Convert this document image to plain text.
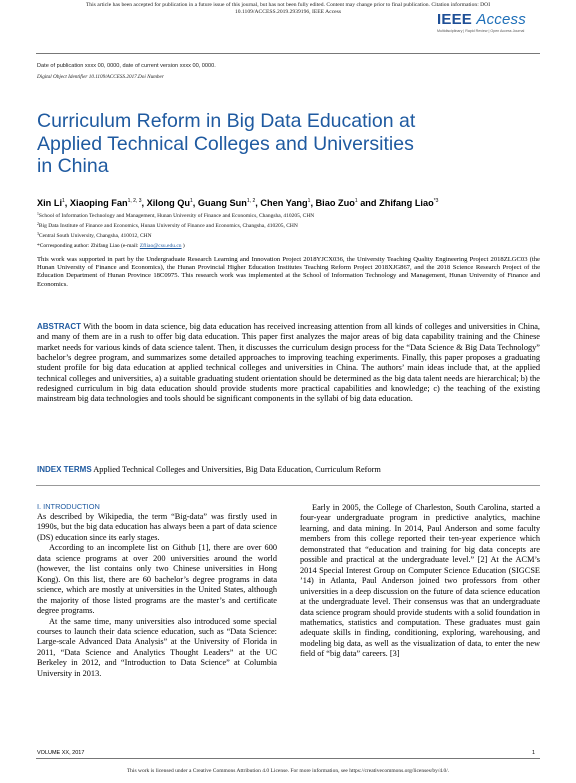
This article has been accepted for publication in a future issue of this journal, but has not been fully edited. Content may change prior to final publication. Citation information: DOI
10.1109/ACCESS.2019.2939196, IEEE Access	IEEE Access
Multidisciplinary | Rapid Review | Open Access Journal
Date of publication xxxx 00, 0000, date of current version xxxx 00, 0000.
Digital Object Identifier 10.1109/ACCESS.2017.Doi Number
Curriculum Reform in Big Data Education at
Applied Technical Colleges and Universities
in China
Xin Li$^1$, Xiaoping Fan$^{1, 2, 3}$, Xilong Qu$^1$, Guang Sun$^{1, 2}$, Chen Yang$^1$, Biao Zuo$^1$ and Zhifang Liao$^{*3}$
$^1$School of Information Technology and Management, Hunan University of Finance and Economics, Changsha, 410205, CHN
$^2$Big Data Institute of Finance and Economics, Hunan University of Finance and Economics, Changsha, 410205, CHN
$^3$Central South University, Changsha, 410012, CHN
*Corresponding author: Zhifang Liao (e-mail: Zfliao@csu.edu.cn )
This work was supported in part by the Undergraduate Research Learning and Innovation Project 2018YJCX036, the University Teaching Quality Engineering Project 2018ZLGC03 (the Hunan University of Finance and Economics), the Hunan Provincial Higher Education Institutes Teaching Reform Project 2018XJG867, and the 2018 Science Research Project of the Education Department of Hunan Province 18C0975. This research work was implemented at the School of Information Technology and Management, Hunan University of Finance and Economics.
ABSTRACT With the boom in data science, big data education has received increasing attention from all kinds of colleges and universities in China, and many of them are in a rush to offer big data education. This paper first analyzes the major areas of big data capability training and the Chinese market needs for various kinds of data science talent. Then, it discusses the curriculum design process for the “Data Science & Big Data Technology” bachelor’s degree program, and summarizes some detailed approaches to improving teaching experiments. Finally, this paper proposes a graduating student profile for big data education at applied technical colleges and universities in China. The authors’ main ideas include that, at the applied technical colleges and universities, a) a suitable graduating student orientation should be determined as the big data talent needs are hierarchical; b) the redesigned curriculum in big data education should provide students more practical capabilities and knowledge; c) the teaching of the existing mainstream big data technologies and tools should be significant components in the syllabi of big data education.
INDEX TERMS Applied Technical Colleges and Universities, Big Data Education, Curriculum Reform
I. INTRODUCTION

As described by Wikipedia, the term “Big-data” was firstly used in 1990s, but the big data education has always been a part of data science (DS) education since its early stages.

According to an incomplete list on Github [1], there are over 600 data science programs at over 200 universities around the world (however, the list contains only two Chinese universities in Hong Kong). On this list, there are 60 bachelor’s degree programs in data science, which are mostly at universities in the United States, although the majority of those listed programs are the master’s and certificate degree programs.

At the same time, many universities also introduced some special courses to launch their data science education, such as “Data Science: Large-scale Advanced Data Analysis” at the University of Florida in 2011, “Data Science and Analytics Thought Leaders” at the UC Berkeley in 2012, and “Introduction to Data Science” at Columbia University in 2013.

Early in 2005, the College of Charleston, South Carolina, started a four-year undergraduate program in predictive analytics, machine learning, and data mining. In 2014, Paul Anderson and some faculty members from this college reported their ten-year experience which demonstrated that “education and training for big data concepts are possible and practical at the undergraduate level.” [2] At the ACM’s 2014 Special Interest Group on Computer Science Education (SIGCSE ’14) in Atlanta, Paul Anderson joined two professors from other universities in a deep discussion on the future of data science education at the undergraduate level. Their consensus was that an undergraduate data science program should provide students with a solid foundation in mathematics, statistics and computation. These graduates must gain adequate skills in finding, conditioning, exploring, warehousing, and modeling big data, as well as the visualization of data, to enter the new field of “big data” careers. [3]

VOLUME XX, 2017	1
This work is licensed under a Creative Commons Attribution 4.0 License. For more information, see https://creativecommons.org/licenses/by/4.0/.
